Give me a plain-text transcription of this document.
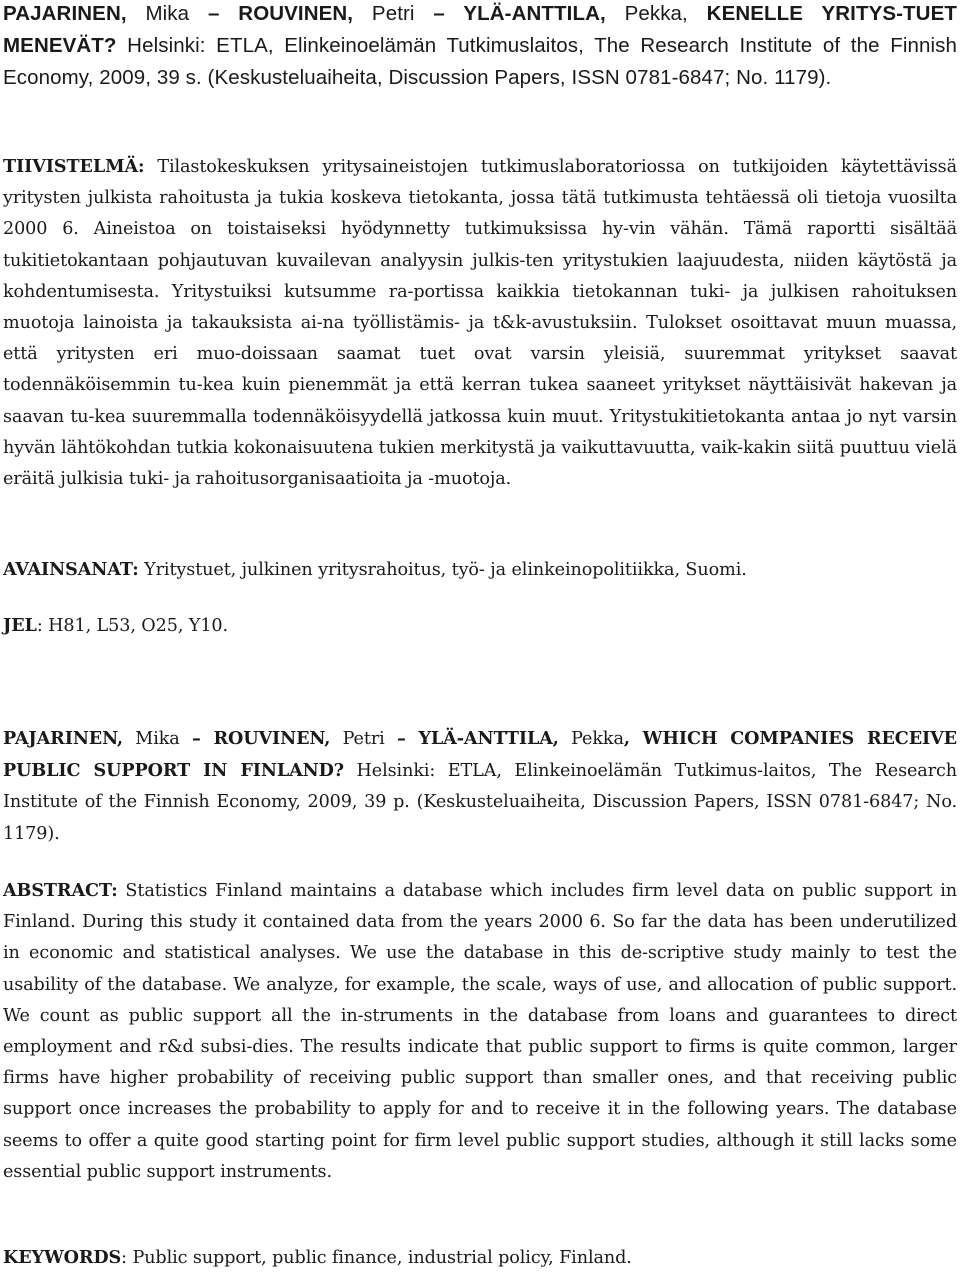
PAJARINEN, Mika – ROUVINEN, Petri – YLÄ-ANTTILA, Pekka, KENELLE YRITYS-TUET MENEVÄT? Helsinki: ETLA, Elinkeinoelämän Tutkimuslaitos, The Research Institute of the Finnish Economy, 2009, 39 s. (Keskusteluaiheita, Discussion Papers, ISSN 0781-6847; No. 1179).

TIIVISTELMÄ: Tilastokeskuksen yritysaineistojen tutkimuslaboratoriossa on tutkijoiden käytettävissä yritysten julkista rahoitusta ja tukia koskeva tietokanta, jossa tätä tutkimusta tehtäessä oli tietoja vuosilta 2000 6. Aineistoa on toistaiseksi hyödynnetty tutkimuksissa hy-vin vähän. Tämä raportti sisältää tukitietokantaan pohjautuvan kuvailevan analyysin julkis-ten yritystukien laajuudesta, niiden käytöstä ja kohdentumisesta. Yritystuiksi kutsumme ra-portissa kaikkia tietokannan tuki- ja julkisen rahoituksen muotoja lainoista ja takauksista ai-na työllistämis- ja t&k-avustuksiin. Tulokset osoittavat muun muassa, että yritysten eri muo-doissaan saamat tuet ovat varsin yleisiä, suuremmat yritykset saavat todennäköisemmin tu-kea kuin pienemmät ja että kerran tukea saaneet yritykset näyttäisivät hakevan ja saavan tu-kea suuremmalla todennäköisyydellä jatkossa kuin muut. Yritystukitietokanta antaa jo nyt varsin hyvän lähtökohdan tutkia kokonaisuutena tukien merkitystä ja vaikuttavuutta, vaik-kakin siitä puuttuu vielä eräitä julkisia tuki- ja rahoitusorganisaatioita ja -muotoja.

AVAINSANAT: Yritystuet, julkinen yritysrahoitus, työ- ja elinkeinopolitiikka, Suomi.

JEL: H81, L53, O25, Y10.

PAJARINEN, Mika – ROUVINEN, Petri – YLÄ-ANTTILA, Pekka, WHICH COMPANIES RECEIVE PUBLIC SUPPORT IN FINLAND? Helsinki: ETLA, Elinkeinoelämän Tutkimus-laitos, The Research Institute of the Finnish Economy, 2009, 39 p. (Keskusteluaiheita, Discussion Papers, ISSN 0781-6847; No. 1179).

ABSTRACT: Statistics Finland maintains a database which includes firm level data on public support in Finland. During this study it contained data from the years 2000 6. So far the data has been underutilized in economic and statistical analyses. We use the database in this de-scriptive study mainly to test the usability of the database. We analyze, for example, the scale, ways of use, and allocation of public support. We count as public support all the in-struments in the database from loans and guarantees to direct employment and r&d subsi-dies. The results indicate that public support to firms is quite common, larger firms have higher probability of receiving public support than smaller ones, and that receiving public support once increases the probability to apply for and to receive it in the following years. The database seems to offer a quite good starting point for firm level public support studies, although it still lacks some essential public support instruments.

KEYWORDS: Public support, public finance, industrial policy, Finland.
